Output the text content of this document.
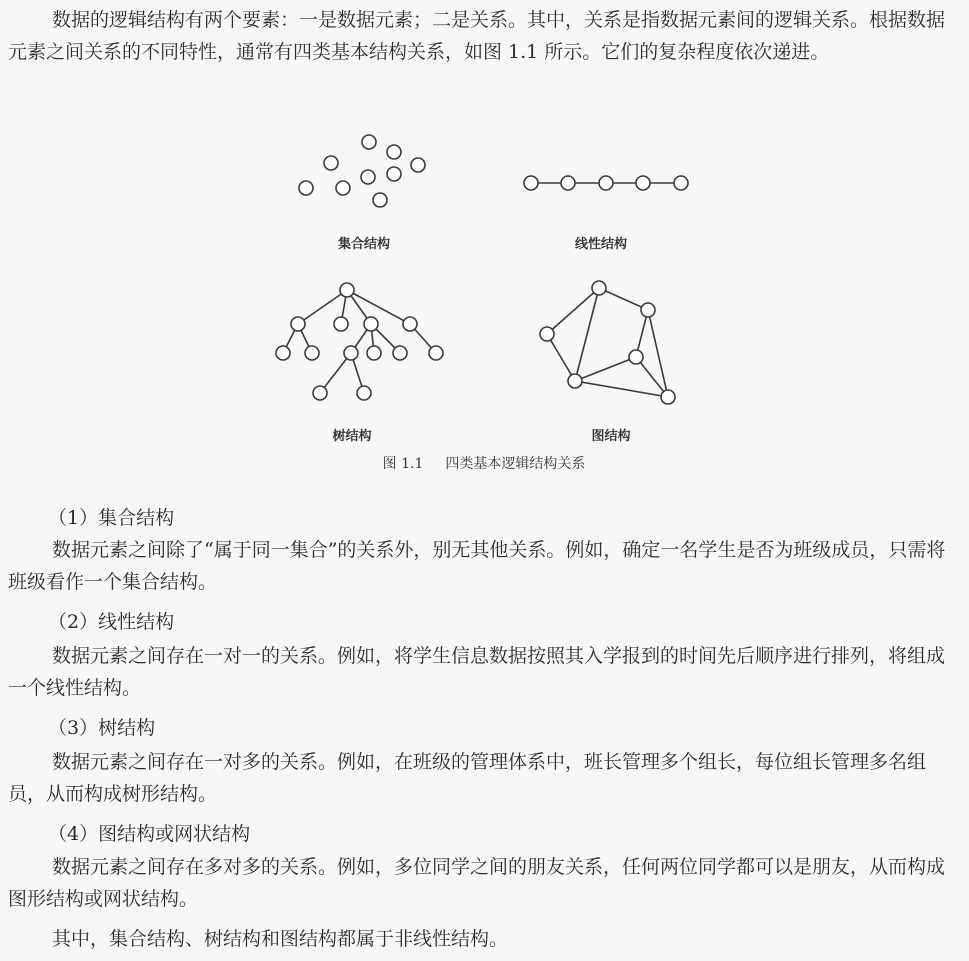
数据的逻辑结构有两个要素：一是数据元素；二是关系。其中，关系是指数据元素间的逻辑关系。根据数据元素之间关系的不同特性，通常有四类基本结构关系，如图 1.1 所示。它们的复杂程度依次递进。

集合结构	线性结构
树结构	图结构
图 1.1 四类基本逻辑结构关系

（1）集合结构

数据元素之间除了“属于同一集合”的关系外，别无其他关系。例如，确定一名学生是否为班级成员，只需将班级看作一个集合结构。

（2）线性结构

数据元素之间存在一对一的关系。例如，将学生信息数据按照其入学报到的时间先后顺序进行排列，将组成一个线性结构。

（3）树结构

数据元素之间存在一对多的关系。例如，在班级的管理体系中，班长管理多个组长，每位组长管理多名组员，从而构成树形结构。

（4）图结构或网状结构

数据元素之间存在多对多的关系。例如，多位同学之间的朋友关系，任何两位同学都可以是朋友，从而构成图形结构或网状结构。

其中，集合结构、树结构和图结构都属于非线性结构。
